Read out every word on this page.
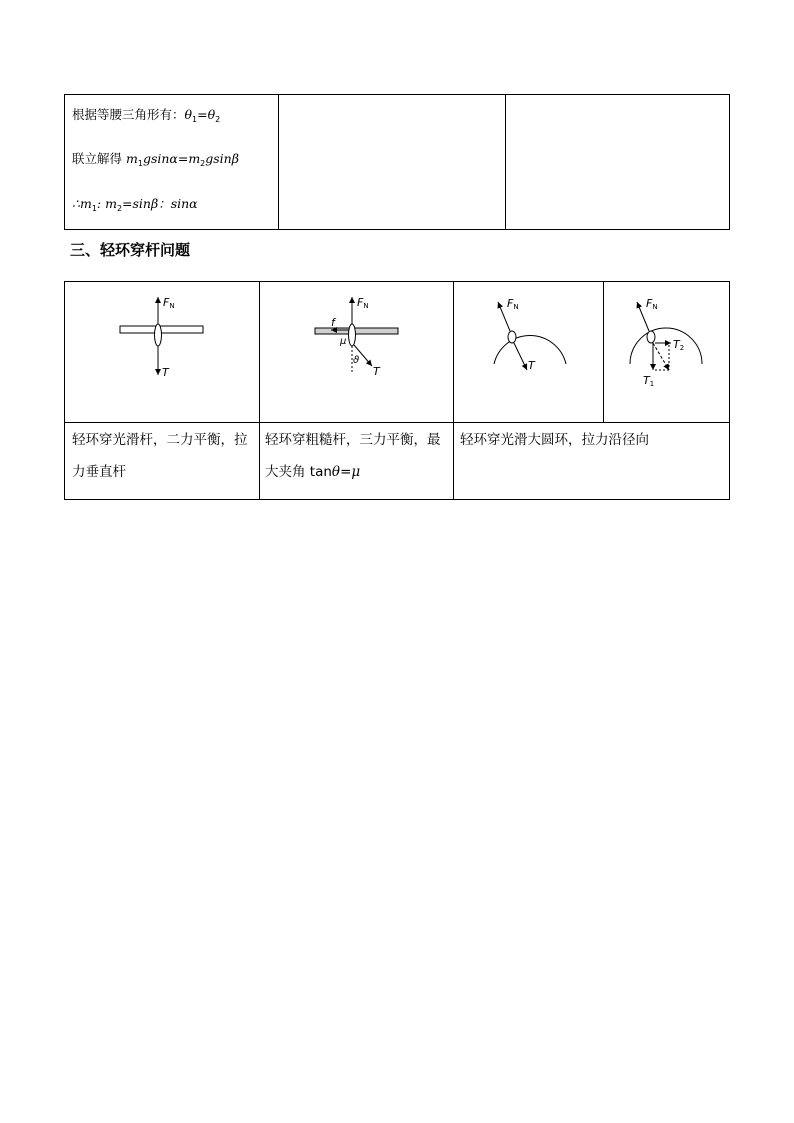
根据等腰三角形有：$\theta_1=\theta_2$
联立解得 $m_1gsin\alpha=m_2gsin\beta$
$\therefore m_1$: $m_2=\sin\beta$：sinα
三、轻环穿杆问题
FN
T
FN
f
μ
ϑ
T
FN
T
FN
T2
T1
轻环穿光滑杆，二力平衡，拉
力垂直杆
轻环穿粗糙杆，三力平衡，最
大夹角 tanθ=μ
轻环穿光滑大圆环，拉力沿径向
